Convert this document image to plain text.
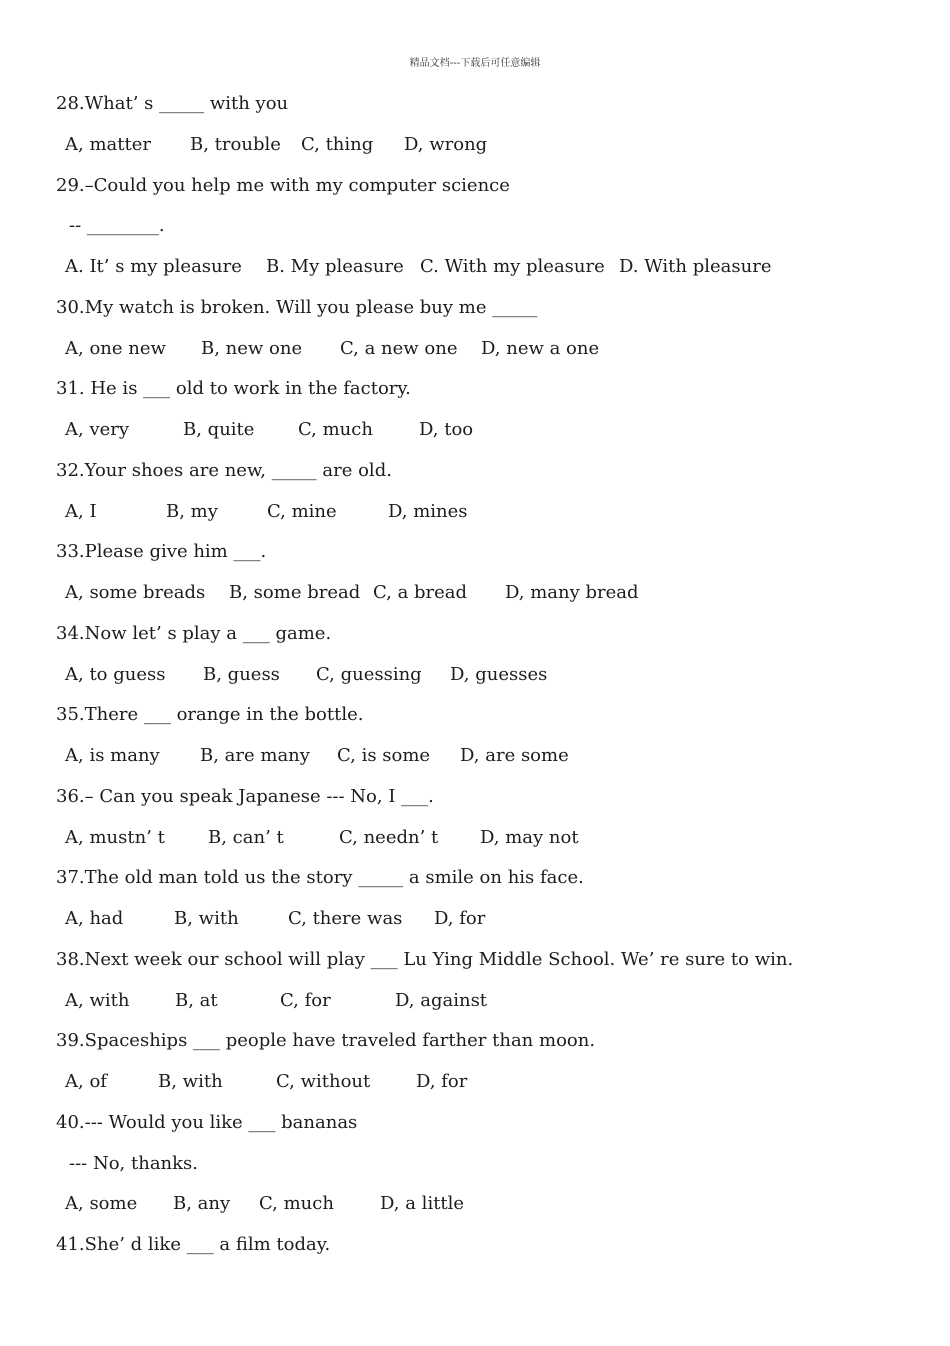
精品文档---下载后可任意编辑
28.What’ s _____ with you
A, matter B, trouble C, thing D, wrong
29.–Could you help me with my computer science
-- ________.
A. It’ s my pleasure B. My pleasure C. With my pleasure D. With pleasure
30.My watch is broken. Will you please buy me _____
A, one new B, new one C, a new one D, new a one
31. He is ___ old to work in the factory.
A, very	B, quite C, much	D, too
32.Your shoes are new, _____ are old.
A, I	B, my	C, mine	D, mines
33.Please give him ___.
A, some breads B, some bread C, a bread D, many bread
34.Now let’ s play a ___ game.
A, to guess B, guess C, guessing D, guesses
35.There ___ orange in the bottle.
A, is many B, are many C, is some D, are some
36.– Can you speak Japanese --- No, I ___.
A, mustn’ t B, can’ t	C, needn’ t D, may not
37.The old man told us the story _____ a smile on his face.
A, had	B, with	C, there was D, for
38.Next week our school will play ___ Lu Ying Middle School. We’ re sure to win.
A, with	B, at	C, for	D, against
39.Spaceships ___ people have traveled farther than moon.
A, of	B, with	C, without	D, for
40.--- Would you like ___ bananas
--- No, thanks.
A, some B, any C, much	D, a little
41.She’ d like ___ a film today.
